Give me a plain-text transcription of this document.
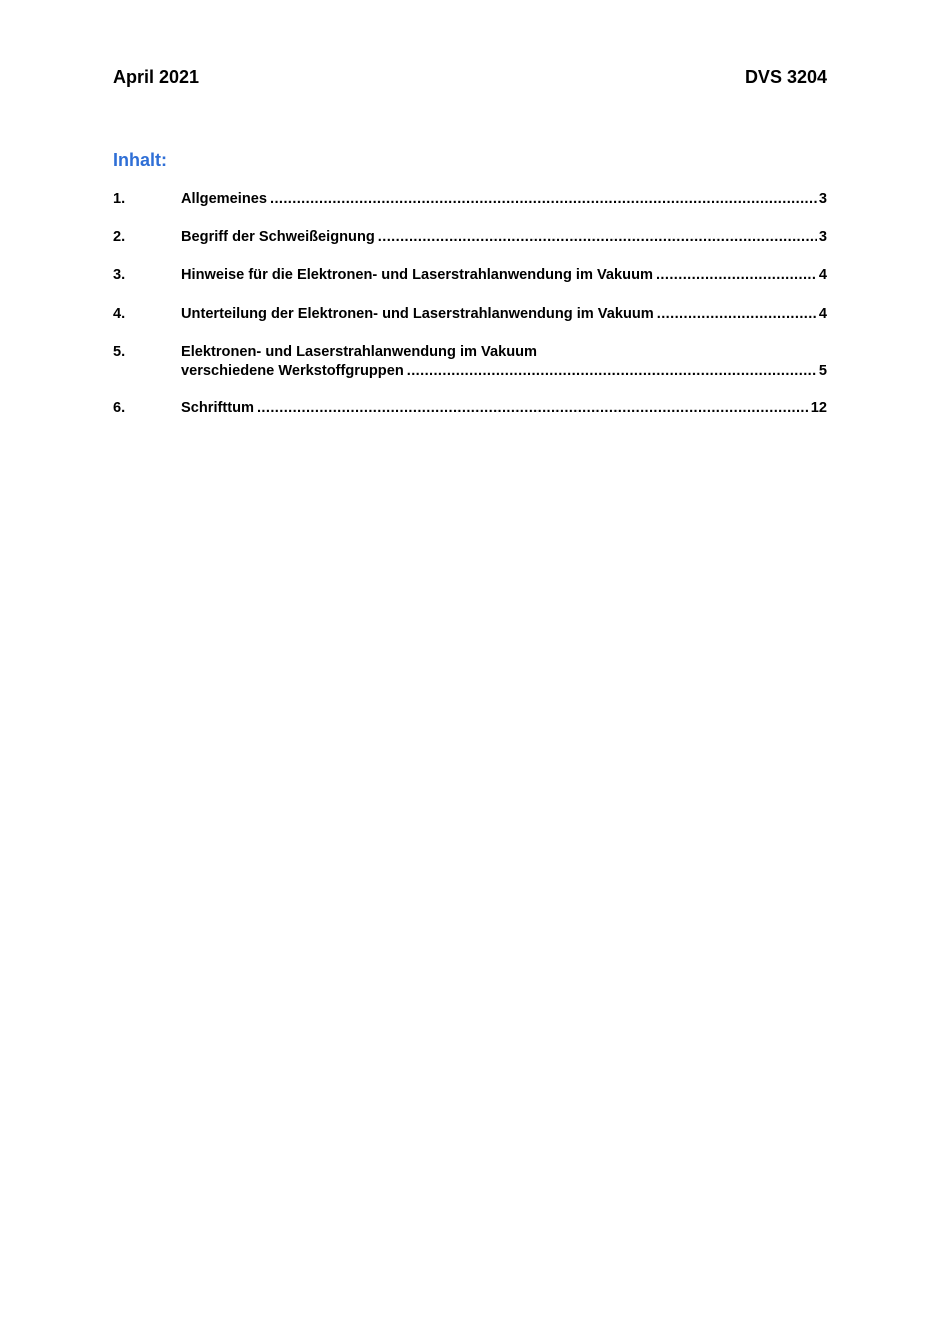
April 2021	DVS 3204
Inhalt:
1.	Allgemeines .....	3
2.	Begriff der Schweißeignung .....	3
3.	Hinweise für die Elektronen- und Laserstrahlanwendung im Vakuum .....	4
4.	Unterteilung der Elektronen- und Laserstrahlanwendung im Vakuum .....	4
5.	Elektronen- und Laserstrahlanwendung im Vakuum
verschiedene Werkstoffgruppen .....	5
6.	Schrifttum .....	12
